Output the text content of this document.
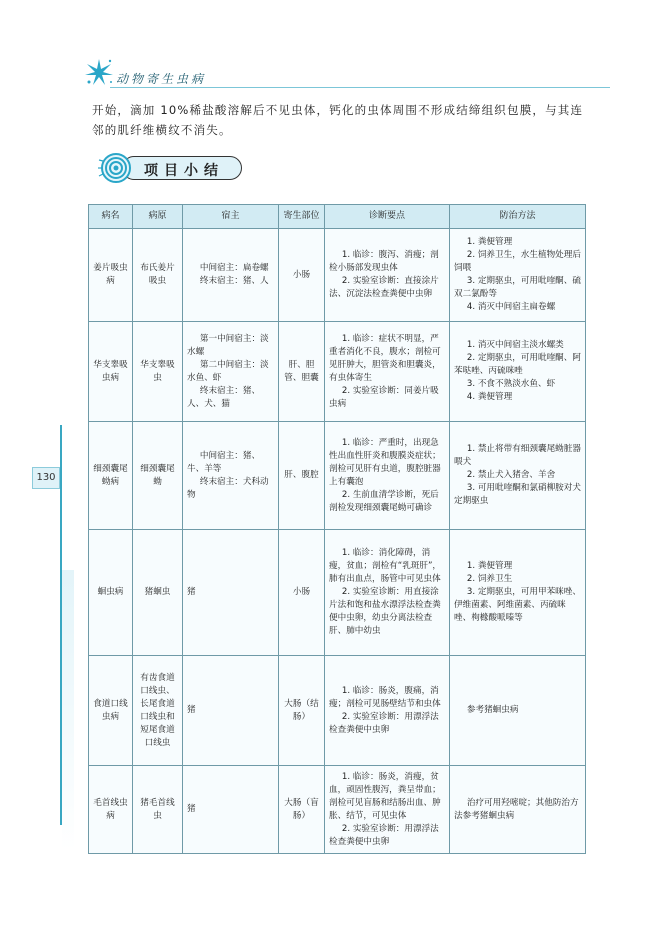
动物寄生虫病
开始，滴加 10%稀盐酸溶解后不见虫体，钙化的虫体周围不形成结缔组织包膜，与其连邻的肌纤维横纹不消失。
项目小结
130
病名	病原	宿主	寄生部位	诊断要点	防治方法
姜片吸虫病	布氏姜片吸虫	中间宿主：扁卷螺
终末宿主：猪、人	小肠	1. 临诊：腹泻、消瘦；剖检小肠部发现虫体
2. 实验室诊断：直接涂片法、沉淀法检查粪便中虫卵	1. 粪便管理
2. 饲养卫生，水生植物处理后饲喂
3. 定期驱虫，可用吡喹酮、硫双二氯酚等
4. 消灭中间宿主扁卷螺

华支睾吸虫病	华支睾吸虫	第一中间宿主：淡水螺
第二中间宿主：淡水鱼、虾
终末宿主：猪、人、犬、猫	肝、胆管、胆囊	1. 临诊：症状不明显，严重者消化不良，腹水；剖检可见肝肿大，胆管炎和胆囊炎，有虫体寄生
2. 实验室诊断：同姜片吸虫病	1. 消灭中间宿主淡水螺类
2. 定期驱虫，可用吡喹酮、阿苯哒唑、丙硫咪唑
3. 不食不熟淡水鱼、虾
4. 粪便管理

细颈囊尾蚴病	细颈囊尾蚴	中间宿主：猪、牛、羊等
终末宿主：犬科动物	肝、腹腔	1. 临诊：严重时，出现急性出血性肝炎和腹膜炎症状；剖检可见肝有虫道，腹腔脏器上有囊泡
2. 生前血清学诊断，死后剖检发现细颈囊尾蚴可确诊	1. 禁止将带有细颈囊尾蚴脏器喂犬
2. 禁止犬入猪舍、羊舍
3. 可用吡喹酮和氯硝柳胺对犬定期驱虫

蛔虫病	猪蛔虫	猪	小肠	1. 临诊：消化障碍，消瘦，贫血；剖检有“乳斑肝”，肺有出血点，肠管中可见虫体
2. 实验室诊断：用直接涂片法和饱和盐水漂浮法检查粪便中虫卵，幼虫分离法检查肝、肺中幼虫	1. 粪便管理
2. 饲养卫生
3. 定期驱虫，可用甲苯咪唑、伊维菌素、阿维菌素、丙硫咪唑、枸橼酸哌嗪等

食道口线虫病	有齿食道口线虫、长尾食道口线虫和短尾食道口线虫	猪	大肠（结肠）	1. 临诊：肠炎，腹痛，消瘦；剖检可见肠壁结节和虫体
2. 实验室诊断：用漂浮法检查粪便中虫卵	参考猪蛔虫病

毛首线虫病	猪毛首线虫	猪	大肠（盲肠）	1. 临诊：肠炎，消瘦，贫血，顽固性腹泻，粪呈带血；剖检可见盲肠和结肠出血、肿胀、结节，可见虫体
2. 实验室诊断：用漂浮法检查粪便中虫卵	治疗可用羟嘧啶；其他防治方法参考猪蛔虫病
